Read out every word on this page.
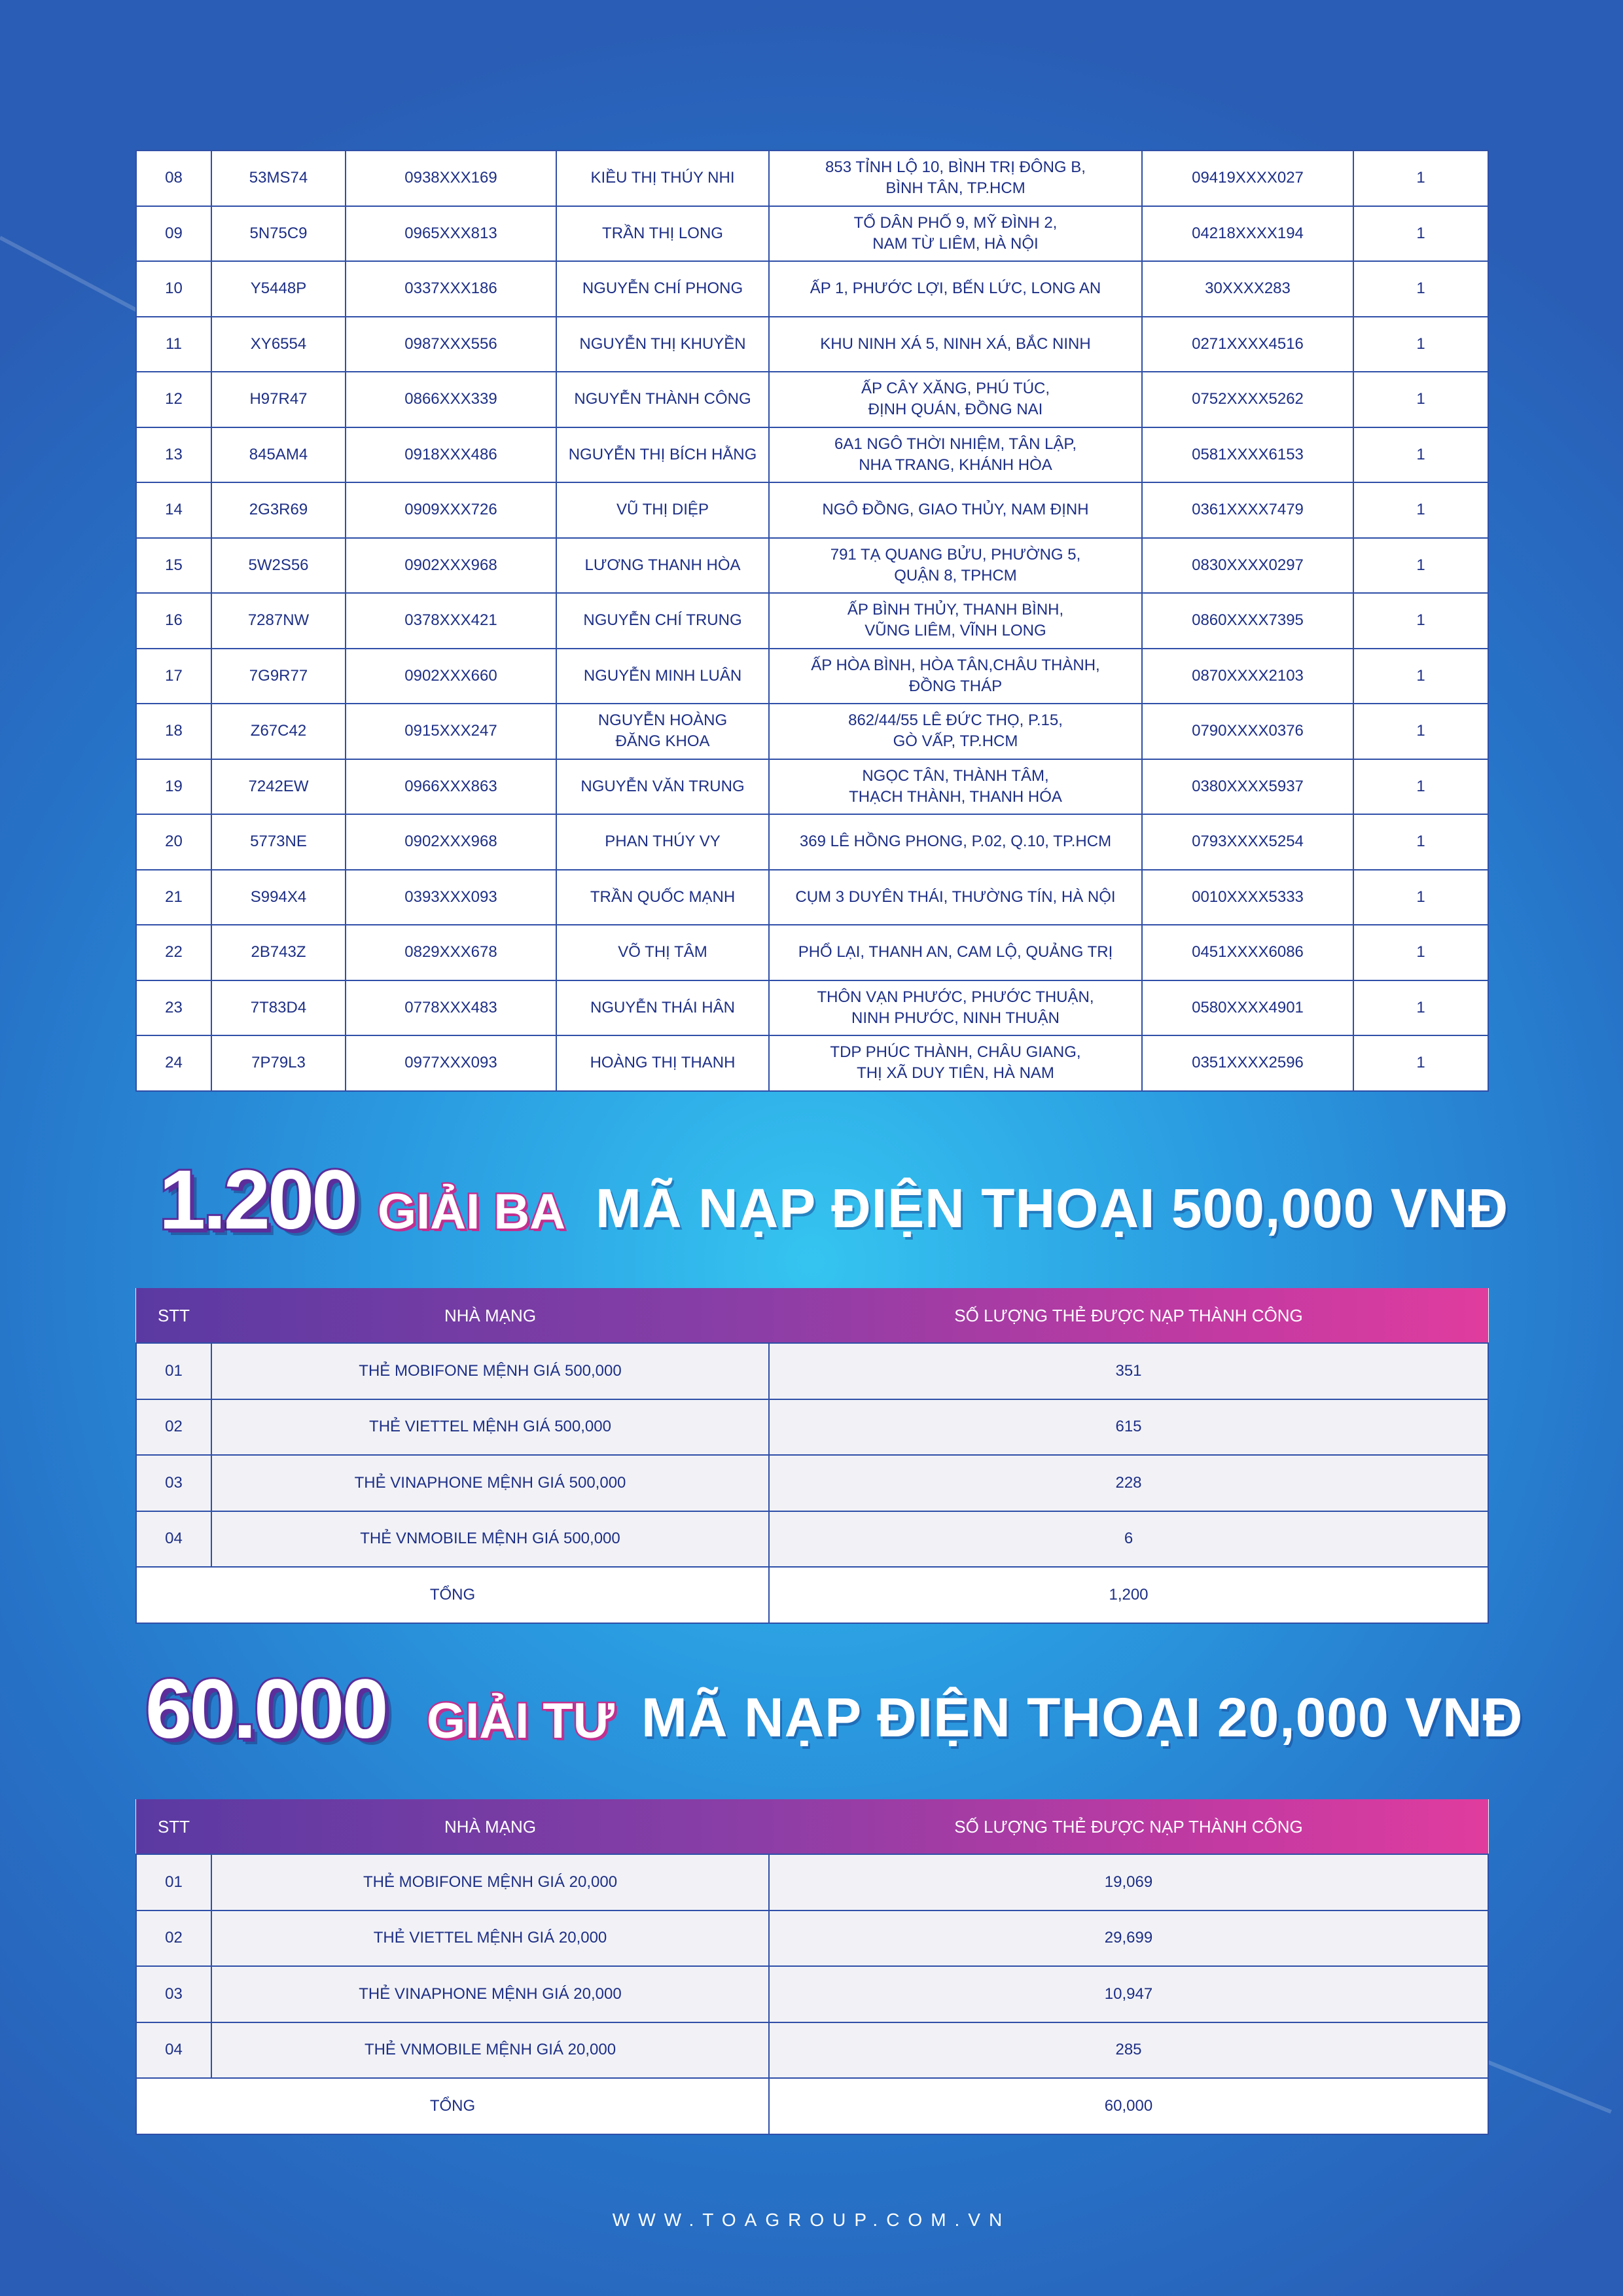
08	53MS74	0938XXX169	KIỀU THỊ THÚY NHI	853 TỈNH LỘ 10, BÌNH TRỊ ĐÔNG B,
BÌNH TÂN, TP.HCM	09419XXXX027	1
09	5N75C9	0965XXX813	TRẦN THỊ LONG	TỔ DÂN PHỐ 9, MỸ ĐÌNH 2,
NAM TỪ LIÊM, HÀ NỘI	04218XXXX194	1
10	Y5448P	0337XXX186	NGUYỄN CHÍ PHONG	ẤP 1, PHƯỚC LỢI, BẾN LỨC, LONG AN	30XXXX283	1
11	XY6554	0987XXX556	NGUYỄN THỊ KHUYỀN	KHU NINH XÁ 5, NINH XÁ, BẮC NINH	0271XXXX4516	1
12	H97R47	0866XXX339	NGUYỄN THÀNH CÔNG	ẤP CÂY XĂNG, PHÚ TÚC,
ĐỊNH QUÁN, ĐỒNG NAI	0752XXXX5262	1
13	845AM4	0918XXX486	NGUYỄN THỊ BÍCH HẰNG	6A1 NGÔ THỜI NHIỆM, TÂN LẬP,
NHA TRANG, KHÁNH HÒA	0581XXXX6153	1
14	2G3R69	0909XXX726	VŨ THỊ DIỆP	NGÔ ĐỒNG, GIAO THỦY, NAM ĐỊNH	0361XXXX7479	1
15	5W2S56	0902XXX968	LƯƠNG THANH HÒA	791 TẠ QUANG BỬU, PHƯỜNG 5,
QUẬN 8, TPHCM	0830XXXX0297	1
16	7287NW	0378XXX421	NGUYỄN CHÍ TRUNG	ẤP BÌNH THỦY, THANH BÌNH,
VŨNG LIÊM, VĨNH LONG	0860XXXX7395	1
17	7G9R77	0902XXX660	NGUYỄN MINH LUÂN	ẤP HÒA BÌNH, HÒA TÂN,CHÂU THÀNH,
ĐỒNG THÁP	0870XXXX2103	1
18	Z67C42	0915XXX247	NGUYỄN HOÀNG
ĐĂNG KHOA	862/44/55 LÊ ĐỨC THỌ, P.15,
GÒ VẤP, TP.HCM	0790XXXX0376	1
19	7242EW	0966XXX863	NGUYỄN VĂN TRUNG	NGỌC TÂN, THÀNH TÂM,
THẠCH THÀNH, THANH HÓA	0380XXXX5937	1
20	5773NE	0902XXX968	PHAN THÚY VY	369 LÊ HỒNG PHONG, P.02, Q.10, TP.HCM	0793XXXX5254	1
21	S994X4	0393XXX093	TRẦN QUỐC MẠNH	CỤM 3 DUYÊN THÁI, THƯỜNG TÍN, HÀ NỘI	0010XXXX5333	1
22	2B743Z	0829XXX678	VÕ THỊ TÂM	PHỔ LẠI, THANH AN, CAM LỘ, QUẢNG TRỊ	0451XXXX6086	1
23	7T83D4	0778XXX483	NGUYỄN THÁI HÂN	THÔN VẠN PHƯỚC, PHƯỚC THUẬN,
NINH PHƯỚC, NINH THUẬN	0580XXXX4901	1
24	7P79L3	0977XXX093	HOÀNG THỊ THANH	TDP PHÚC THÀNH, CHÂU GIANG,
THỊ XÃ DUY TIÊN, HÀ NAM	0351XXXX2596	1
1.200 GIẢI BA MÃ NẠP ĐIỆN THOẠI 500,000 VNĐ
STT	NHÀ MẠNG	SỐ LƯỢNG THẺ ĐƯỢC NẠP THÀNH CÔNG
01	THẺ MOBIFONE MỆNH GIÁ 500,000	351
02	THẺ VIETTEL MỆNH GIÁ 500,000	615
03	THẺ VINAPHONE MỆNH GIÁ 500,000	228
04	THẺ VNMOBILE MỆNH GIÁ 500,000	6
TỔNG		1,200
60.000 GIẢI TƯ MÃ NẠP ĐIỆN THOẠI 20,000 VNĐ
STT	NHÀ MẠNG	SỐ LƯỢNG THẺ ĐƯỢC NẠP THÀNH CÔNG
01	THẺ MOBIFONE MỆNH GIÁ 20,000	19,069
02	THẺ VIETTEL MỆNH GIÁ 20,000	29,699
03	THẺ VINAPHONE MỆNH GIÁ 20,000	10,947
04	THẺ VNMOBILE MỆNH GIÁ 20,000	285
TỔNG		60,000
WWW.TOAGROUP.COM.VN
